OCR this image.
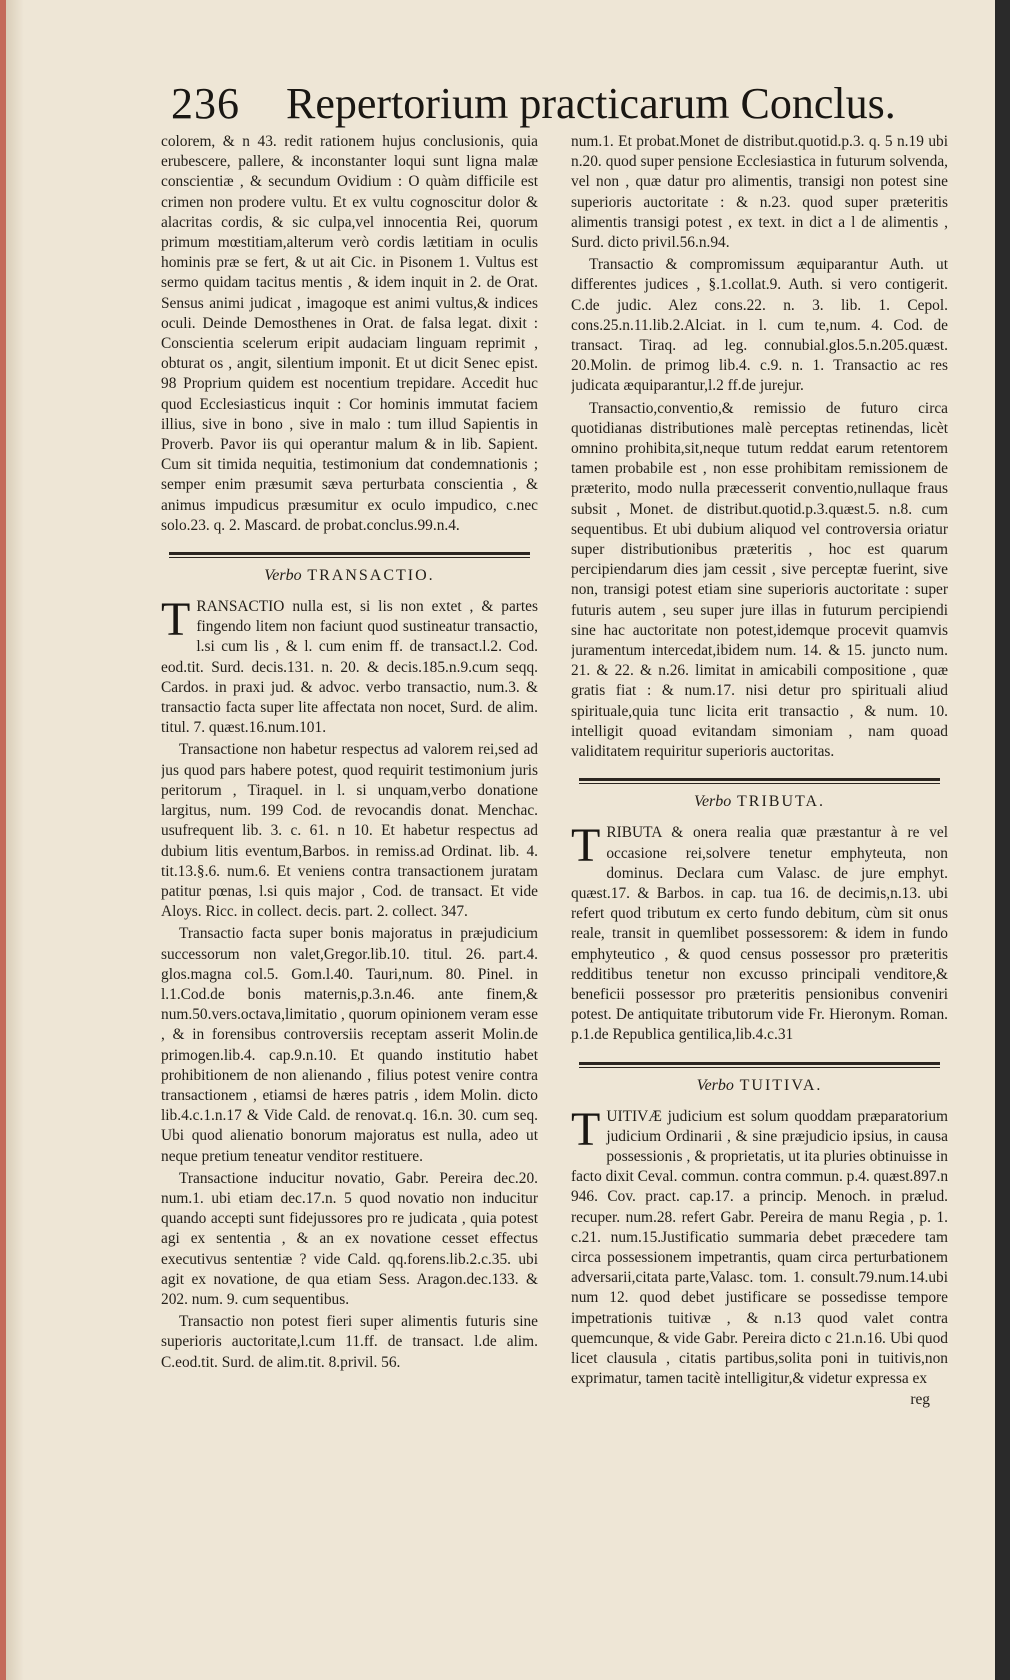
236 Repertorium practicarum Conclus.

colorem, & n 43. redit rationem hujus conclusionis, quia erubescere, pallere, & inconstanter loqui sunt ligna malæ conscientiæ , & secundum Ovidium : O quàm difficile est crimen non prodere vultu. Et ex vultu cognoscitur dolor & alacritas cordis, & sic culpa,vel innocentia Rei, quorum primum mœstitiam,alterum verò cordis lætitiam in oculis hominis præ se fert, & ut ait Cic. in Pisonem 1. Vultus est sermo quidam tacitus mentis , & idem inquit in 2. de Orat. Sensus animi judicat , imagoque est animi vultus,& indices oculi. Deinde Demosthenes in Orat. de falsa legat. dixit : Conscientia scelerum eripit audaciam linguam reprimit , obturat os , angit, silentium imponit. Et ut dicit Senec epist. 98 Proprium quidem est nocentium trepidare. Accedit huc quod Ecclesiasticus inquit : Cor hominis immutat faciem illius, sive in bono , sive in malo : tum illud Sapientis in Proverb. Pavor iis qui operantur malum & in lib. Sapient. Cum sit timida nequitia, testimonium dat condemnationis ; semper enim præsumit sæva perturbata conscientia , & animus impudicus præsumitur ex oculo impudico, c.nec solo.23. q. 2. Mascard. de probat.conclus.99.n.4.

Verbo TRANSACTIO.

TRANSACTIO nulla est, si lis non extet , & partes fingendo litem non faciunt quod sustineatur transactio, l.si cum lis , & l. cum enim ff. de transact.l.2. Cod. eod.tit. Surd. decis.131. n. 20. & decis.185.n.9.cum seqq. Cardos. in praxi jud. & advoc. verbo transactio, num.3. & transactio facta super lite affectata non nocet, Surd. de alim. titul. 7. quæst.16.num.101.

Transactione non habetur respectus ad valorem rei,sed ad jus quod pars habere potest, quod requirit testimonium juris peritorum , Tiraquel. in l. si unquam,verbo donatione largitus, num. 199 Cod. de revocandis donat. Menchac. usufrequent lib. 3. c. 61. n 10. Et habetur respectus ad dubium litis eventum,Barbos. in remiss.ad Ordinat. lib. 4. tit.13.§.6. num.6. Et veniens contra transactionem juratam patitur pœnas, l.si quis major , Cod. de transact. Et vide Aloys. Ricc. in collect. decis. part. 2. collect. 347.

Transactio facta super bonis majoratus in præjudicium successorum non valet,Gregor.lib.10. titul. 26. part.4. glos.magna col.5. Gom.l.40. Tauri,num. 80. Pinel. in l.1.Cod.de bonis maternis,p.3.n.46. ante finem,& num.50.vers.octava,limitatio , quorum opinionem veram esse , & in forensibus controversiis receptam asserit Molin.de primogen.lib.4. cap.9.n.10. Et quando institutio habet prohibitionem de non alienando , filius potest venire contra transactionem , etiamsi de hæres patris , idem Molin. dicto lib.4.c.1.n.17 & Vide Cald. de renovat.q. 16.n. 30. cum seq. Ubi quod alienatio bonorum majoratus est nulla, adeo ut neque pretium teneatur venditor restituere.

Transactione inducitur novatio, Gabr. Pereira dec.20. num.1. ubi etiam dec.17.n. 5 quod novatio non inducitur quando accepti sunt fidejussores pro re judicata , quia potest agi ex sententia , & an ex novatione cesset effectus executivus sententiæ ? vide Cald. qq.forens.lib.2.c.35. ubi agit ex novatione, de qua etiam Sess. Aragon.dec.133. & 202. num. 9. cum sequentibus.

Transactio non potest fieri super alimentis futuris sine superioris auctoritate,l.cum 11.ff. de transact. l.de alim. C.eod.tit. Surd. de alim.tit. 8.privil. 56.

num.1. Et probat.Monet de distribut.quotid.p.3. q. 5 n.19 ubi n.20. quod super pensione Ecclesiastica in futurum solvenda, vel non , quæ datur pro alimentis, transigi non potest sine superioris auctoritate : & n.23. quod super præteritis alimentis transigi potest , ex text. in dict a l de alimentis , Surd. dicto privil.56.n.94.

Transactio & compromissum æquiparantur Auth. ut differentes judices , §.1.collat.9. Auth. si vero contigerit. C.de judic. Alez cons.22. n. 3. lib. 1. Cepol. cons.25.n.11.lib.2.Alciat. in l. cum te,num. 4. Cod. de transact. Tiraq. ad leg. connubial.glos.5.n.205.quæst. 20.Molin. de primog lib.4. c.9. n. 1. Transactio ac res judicata æquiparantur,l.2 ff.de jurejur.

Transactio,conventio,& remissio de futuro circa quotidianas distributiones malè perceptas retinendas, licèt omnino prohibita,sit,neque tutum reddat earum retentorem tamen probabile est , non esse prohibitam remissionem de præterito, modo nulla præcesserit conventio,nullaque fraus subsit , Monet. de distribut.quotid.p.3.quæst.5. n.8. cum sequentibus. Et ubi dubium aliquod vel controversia oriatur super distributionibus præteritis , hoc est quarum percipiendarum dies jam cessit , sive perceptæ fuerint, sive non, transigi potest etiam sine superioris auctoritate : super futuris autem , seu super jure illas in futurum percipiendi sine hac auctoritate non potest,idemque procevit quamvis juramentum intercedat,ibidem num. 14. & 15. juncto num. 21. & 22. & n.26. limitat in amicabili compositione , quæ gratis fiat : & num.17. nisi detur pro spirituali aliud spirituale,quia tunc licita erit transactio , & num. 10. intelligit quoad evitandam simoniam , nam quoad validitatem requiritur superioris auctoritas.

Verbo TRIBUTA.

TRIBUTA & onera realia quæ præstantur à re vel occasione rei,solvere tenetur emphyteuta, non dominus. Declara cum Valasc. de jure emphyt. quæst.17. & Barbos. in cap. tua 16. de decimis,n.13. ubi refert quod tributum ex certo fundo debitum, cùm sit onus reale, transit in quemlibet possessorem: & idem in fundo emphyteutico , & quod census possessor pro præteritis redditibus tenetur non excusso principali venditore,& beneficii possessor pro præteritis pensionibus conveniri potest. De antiquitate tributorum vide Fr. Hieronym. Roman. p.1.de Republica gentilica,lib.4.c.31

Verbo TUITIVA.

TUITIVÆ judicium est solum quoddam præparatorium judicium Ordinarii , & sine præjudicio ipsius, in causa possessionis , & proprietatis, ut ita pluries obtinuisse in facto dixit Ceval. commun. contra commun. p.4. quæst.897.n 946. Cov. pract. cap.17. a princip. Menoch. in prælud. recuper. num.28. refert Gabr. Pereira de manu Regia , p. 1. c.21. num.15.Justificatio summaria debet præcedere tam circa possessionem impetrantis, quam circa perturbationem adversarii,citata parte,Valasc. tom. 1. consult.79.num.14.ubi num 12. quod debet justificare se possedisse tempore impetrationis tuitivæ , & n.13 quod valet contra quemcunque, & vide Gabr. Pereira dicto c 21.n.16. Ubi quod licet clausula , citatis partibus,solita poni in tuitivis,non exprimatur, tamen tacitè intelligitur,& videtur expressa ex

reg
